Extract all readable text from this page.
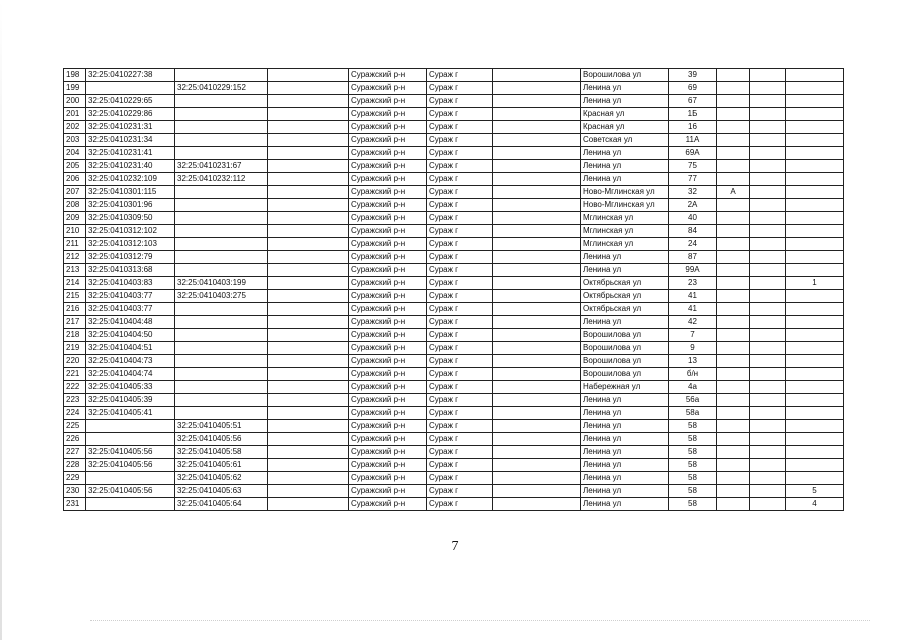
198	32:25:0410227:38			Суражский р-н	Сураж г		Ворошилова ул	39			
199		32:25:0410229:152		Суражский р-н	Сураж г		Ленина ул	69			
200	32:25:0410229:65			Суражский р-н	Сураж г		Ленина ул	67			
201	32:25:0410229:86			Суражский р-н	Сураж г		Красная ул	1Б			
202	32:25:0410231:31			Суражский р-н	Сураж г		Красная ул	16			
203	32:25:0410231:34			Суражский р-н	Сураж г		Советская ул	11А			
204	32:25:0410231:41			Суражский р-н	Сураж г		Ленина ул	69А			
205	32:25:0410231:40	32:25:0410231:67		Суражский р-н	Сураж г		Ленина ул	75			
206	32:25:0410232:109	32:25:0410232:112		Суражский р-н	Сураж г		Ленина ул	77			
207	32:25:0410301:115			Суражский р-н	Сураж г		Ново-Мглинская ул	32	А		
208	32:25:0410301:96			Суражский р-н	Сураж г		Ново-Мглинская ул	2А			
209	32:25:0410309:50			Суражский р-н	Сураж г		Мглинская ул	40			
210	32:25:0410312:102			Суражский р-н	Сураж г		Мглинская ул	84			
211	32:25:0410312:103			Суражский р-н	Сураж г		Мглинская ул	24			
212	32:25:0410312:79			Суражский р-н	Сураж г		Ленина ул	87			
213	32:25:0410313:68			Суражский р-н	Сураж г		Ленина ул	99А			
214	32:25:0410403:83	32:25:0410403:199		Суражский р-н	Сураж г		Октябрьская ул	23			1
215	32:25:0410403:77	32:25:0410403:275		Суражский р-н	Сураж г		Октябрьская ул	41			
216	32:25:0410403:77			Суражский р-н	Сураж г		Октябрьская ул	41			
217	32:25:0410404:48			Суражский р-н	Сураж г		Ленина ул	42			
218	32:25:0410404:50			Суражский р-н	Сураж г		Ворошилова ул	7			
219	32:25:0410404:51			Суражский р-н	Сураж г		Ворошилова ул	9			
220	32:25:0410404:73			Суражский р-н	Сураж г		Ворошилова ул	13			
221	32:25:0410404:74			Суражский р-н	Сураж г		Ворошилова ул	б/н			
222	32:25:0410405:33			Суражский р-н	Сураж г		Набережная ул	4а			
223	32:25:0410405:39			Суражский р-н	Сураж г		Ленина ул	56а			
224	32:25:0410405:41			Суражский р-н	Сураж г		Ленина ул	58а			
225		32:25:0410405:51		Суражский р-н	Сураж г		Ленина ул	58			
226		32:25:0410405:56		Суражский р-н	Сураж г		Ленина ул	58			
227	32:25:0410405:56	32:25:0410405:58		Суражский р-н	Сураж г		Ленина ул	58			
228	32:25:0410405:56	32:25:0410405:61		Суражский р-н	Сураж г		Ленина ул	58			
229		32:25:0410405:62		Суражский р-н	Сураж г		Ленина ул	58			
230	32:25:0410405:56	32:25:0410405:63		Суражский р-н	Сураж г		Ленина ул	58			5
231		32:25:0410405:64		Суражский р-н	Сураж г		Ленина ул	58			4
7
